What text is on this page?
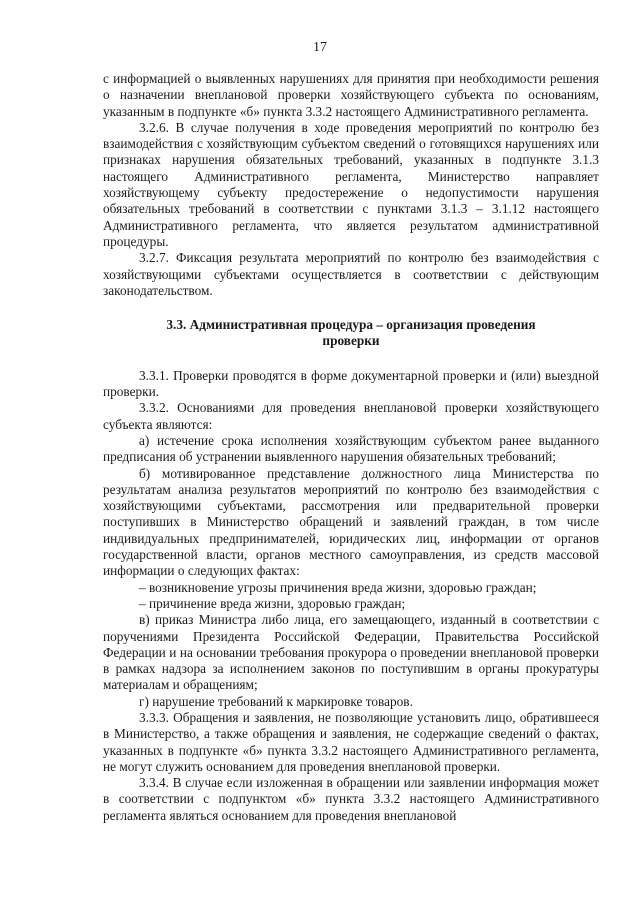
17

с информацией о выявленных нарушениях для принятия при необходимости решения о назначении внеплановой проверки хозяйствующего субъекта по основаниям, указанным в подпункте «б» пункта 3.3.2 настоящего Административного регламента.

3.2.6. В случае получения в ходе проведения мероприятий по контролю без взаимодействия с хозяйствующим субъектом сведений о готовящихся нарушениях или признаках нарушения обязательных требований, указанных в подпункте 3.1.3 настоящего Административного регламента, Министерство направляет хозяйствующему субъекту предостережение о недопустимости нарушения обязательных требований в соответствии с пунктами 3.1.3 – 3.1.12 настоящего Административного регламента, что является результатом административной процедуры.

3.2.7. Фиксация результата мероприятий по контролю без взаимодействия с хозяйствующими субъектами осуществляется в соответствии с действующим законодательством.

3.3. Административная процедура – организация проведения проверки

3.3.1. Проверки проводятся в форме документарной проверки и (или) выездной проверки.

3.3.2. Основаниями для проведения внеплановой проверки хозяйствующего субъекта являются:

а) истечение срока исполнения хозяйствующим субъектом ранее выданного предписания об устранении выявленного нарушения обязательных требований;

б) мотивированное представление должностного лица Министерства по результатам анализа результатов мероприятий по контролю без взаимодействия с хозяйствующими субъектами, рассмотрения или предварительной проверки поступивших в Министерство обращений и заявлений граждан, в том числе индивидуальных предпринимателей, юридических лиц, информации от органов государственной власти, органов местного самоуправления, из средств массовой информации о следующих фактах:

– возникновение угрозы причинения вреда жизни, здоровью граждан;

– причинение вреда жизни, здоровью граждан;

в) приказ Министра либо лица, его замещающего, изданный в соответствии с поручениями Президента Российской Федерации, Правительства Российской Федерации и на основании требования прокурора о проведении внеплановой проверки в рамках надзора за исполнением законов по поступившим в органы прокуратуры материалам и обращениям;

г) нарушение требований к маркировке товаров.

3.3.3. Обращения и заявления, не позволяющие установить лицо, обратившееся в Министерство, а также обращения и заявления, не содержащие сведений о фактах, указанных в подпункте «б» пункта 3.3.2 настоящего Административного регламента, не могут служить основанием для проведения внеплановой проверки.

3.3.4. В случае если изложенная в обращении или заявлении информация может в соответствии с подпунктом «б» пункта 3.3.2 настоящего Административного регламента являться основанием для проведения внеплановой
